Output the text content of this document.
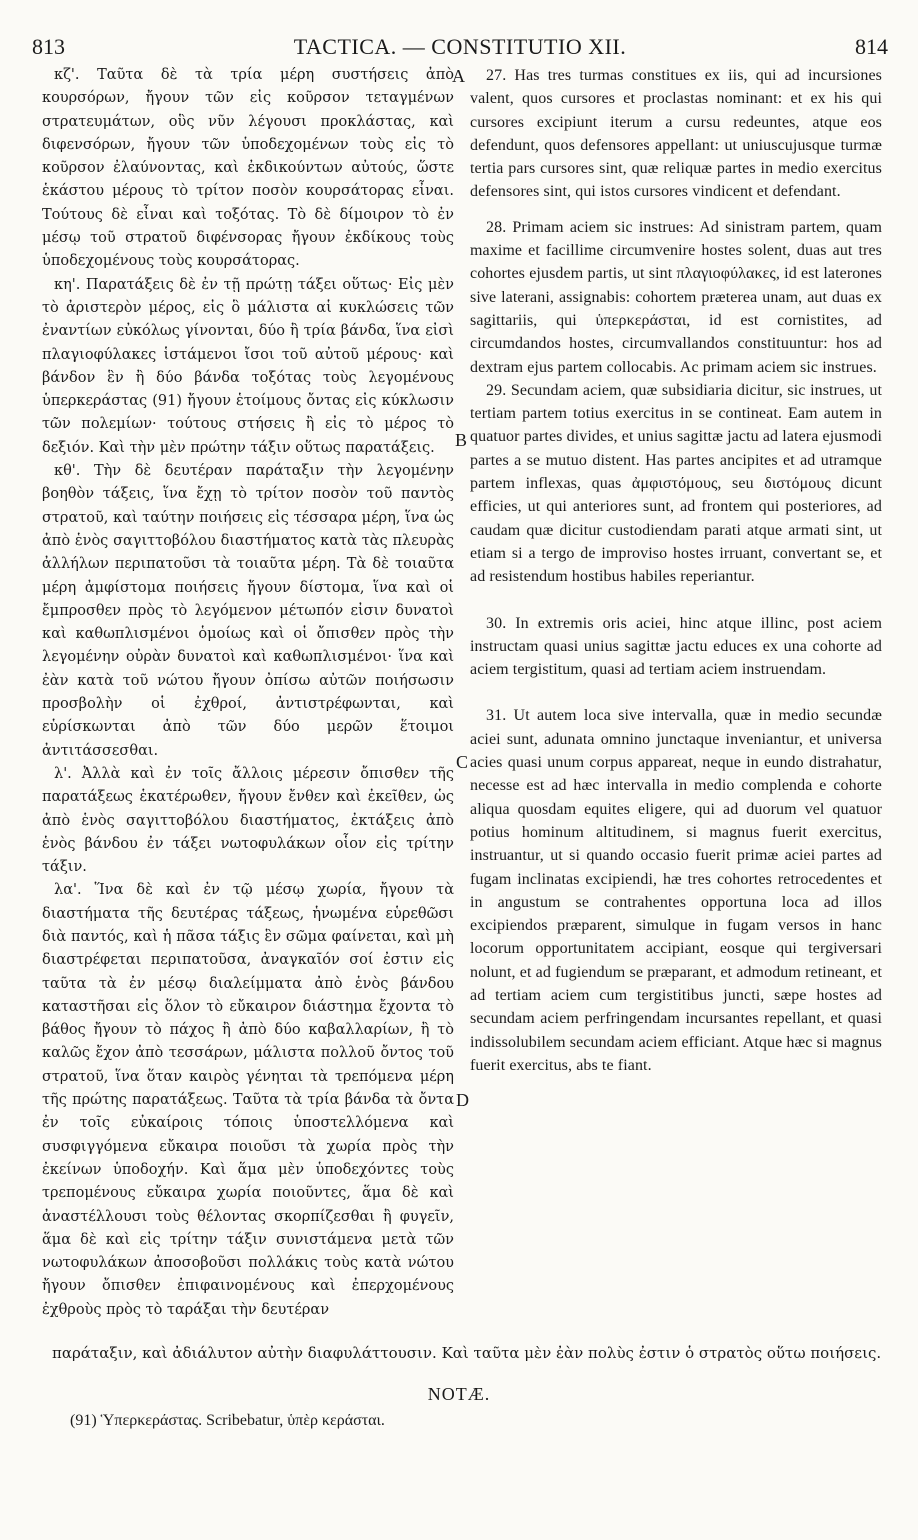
813	TACTICA. — CONSTITUTIO XII.	814

κζ'. Ταῦτα δὲ τὰ τρία μέρη συστήσεις ἀπὸ κουρσόρων, ἤγουν τῶν εἰς κοῦρσον τεταγμένων στρατευμάτων, οὓς νῦν λέγουσι προκλάστας, καὶ διφενσόρων, ἤγουν τῶν ὑποδεχομένων τοὺς εἰς τὸ κοῦρσον ἐλαύνοντας, καὶ ἐκδικούντων αὐτούς, ὥστε ἑκάστου μέρους τὸ τρίτον ποσὸν κουρσάτορας εἶναι. Τούτους δὲ εἶναι καὶ τοξότας. Τὸ δὲ δίμοιρον τὸ ἐν μέσῳ τοῦ στρατοῦ διφένσορας ἤγουν ἐκδίκους τοὺς ὑποδεχομένους τοὺς κουρσάτορας.

κη'. Παρατάξεις δὲ ἐν τῇ πρώτῃ τάξει οὕτως· Εἰς μὲν τὸ ἀριστερὸν μέρος, εἰς ὃ μάλιστα αἱ κυκλώσεις τῶν ἐναντίων εὐκόλως γίνονται, δύο ἢ τρία βάνδα, ἵνα εἰσὶ πλαγιοφύλακες ἱστάμενοι ἴσοι τοῦ αὐτοῦ μέρους· καὶ βάνδον ἓν ἢ δύο βάνδα τοξότας τοὺς λεγομένους ὑπερκεράστας (91) ἤγουν ἑτοίμους ὄντας εἰς κύκλωσιν τῶν πολεμίων· τούτους στήσεις ἢ εἰς τὸ μέρος τὸ δεξιόν. Καὶ τὴν μὲν πρώτην τάξιν οὕτως παρατάξεις.

κθ'. Τὴν δὲ δευτέραν παράταξιν τὴν λεγομένην βοηθὸν τάξεις, ἵνα ἔχῃ τὸ τρίτον ποσὸν τοῦ παντὸς στρατοῦ, καὶ ταύτην ποιήσεις εἰς τέσσαρα μέρη, ἵνα ὡς ἀπὸ ἑνὸς σαγιττοβόλου διαστήματος κατὰ τὰς πλευρὰς ἀλλήλων περιπατοῦσι τὰ τοιαῦτα μέρη. Τὰ δὲ τοιαῦτα μέρη ἀμφίστομα ποιήσεις ἤγουν δίστομα, ἵνα καὶ οἱ ἔμπροσθεν πρὸς τὸ λεγόμενον μέτωπόν εἰσιν δυνατοὶ καὶ καθωπλισμένοι ὁμοίως καὶ οἱ ὄπισθεν πρὸς τὴν λεγομένην οὐρὰν δυνατοὶ καὶ καθωπλισμένοι· ἵνα καὶ ἐὰν κατὰ τοῦ νώτου ἤγουν ὀπίσω αὐτῶν ποιήσωσιν προσβολὴν οἱ ἐχθροί, ἀντιστρέφωνται, καὶ εὑρίσκωνται ἀπὸ τῶν δύο μερῶν ἕτοιμοι ἀντιτάσσεσθαι.

λ'. Ἀλλὰ καὶ ἐν τοῖς ἄλλοις μέρεσιν ὄπισθεν τῆς παρατάξεως ἑκατέρωθεν, ἤγουν ἔνθεν καὶ ἐκεῖθεν, ὡς ἀπὸ ἑνὸς σαγιττοβόλου διαστήματος, ἐκτάξεις ἀπὸ ἑνὸς βάνδου ἐν τάξει νωτοφυλάκων οἷον εἰς τρίτην τάξιν.

λα'. Ἵνα δὲ καὶ ἐν τῷ μέσῳ χωρία, ἤγουν τὰ διαστήματα τῆς δευτέρας τάξεως, ἡνωμένα εὑρεθῶσι διὰ παντός, καὶ ἡ πᾶσα τάξις ἓν σῶμα φαίνεται, καὶ μὴ διαστρέφεται περιπατοῦσα, ἀναγκαῖόν σοί ἐστιν εἰς ταῦτα τὰ ἐν μέσῳ διαλείμματα ἀπὸ ἑνὸς βάνδου καταστῆσαι εἰς ὅλον τὸ εὔκαιρον διάστημα ἔχοντα τὸ βάθος ἤγουν τὸ πάχος ἢ ἀπὸ δύο καβαλλαρίων, ἢ τὸ καλῶς ἔχον ἀπὸ τεσσάρων, μάλιστα πολλοῦ ὄντος τοῦ στρατοῦ, ἵνα ὅταν καιρὸς γένηται τὰ τρεπόμενα μέρη τῆς πρώτης παρατάξεως. Ταῦτα τὰ τρία βάνδα τὰ ὄντα ἐν τοῖς εὐκαίροις τόποις ὑποστελλόμενα καὶ συσφιγγόμενα εὔκαιρα ποιοῦσι τὰ χωρία πρὸς τὴν ἐκείνων ὑποδοχήν. Καὶ ἅμα μὲν ὑποδεχόντες τοὺς τρεπομένους εὔκαιρα χωρία ποιοῦντες, ἅμα δὲ καὶ ἀναστέλλουσι τοὺς θέλοντας σκορπίζεσθαι ἢ φυγεῖν, ἅμα δὲ καὶ εἰς τρίτην τάξιν συνιστάμενα μετὰ τῶν νωτοφυλάκων ἀποσοβοῦσι πολλάκις τοὺς κατὰ νώτου ἤγουν ὄπισθεν ἐπιφαινομένους καὶ ἐπερχομένους ἐχθροὺς πρὸς τὸ ταράξαι τὴν δευτέραν

27. Has tres turmas constitues ex iis, qui ad incursiones valent, quos cursores et proclastas nominant: et ex his qui cursores excipiunt iterum a cursu redeuntes, atque eos defendunt, quos defensores appellant: ut uniuscujusque turmæ tertia pars cursores sint, quæ reliquæ partes in medio exercitus defensores sint, qui istos cursores vindicent et defendant.

28. Primam aciem sic instrues: Ad sinistram partem, quam maxime et facillime circumvenire hostes solent, duas aut tres cohortes ejusdem partis, ut sint πλαγιοφύλακες, id est laterones sive laterani, assignabis: cohortem præterea unam, aut duas ex sagittariis, qui ὑπερκεράσται, id est cornistites, ad circumdandos hostes, circumvallandos constituuntur: hos ad dextram ejus partem collocabis. Ac primam aciem sic instrues.

29. Secundam aciem, quæ subsidiaria dicitur, sic instrues, ut tertiam partem totius exercitus in se contineat. Eam autem in quatuor partes divides, et unius sagittæ jactu ad latera ejusmodi partes a se mutuo distent. Has partes ancipites et ad utramque partem inflexas, quas ἀμφιστόμους, seu διστόμους dicunt efficies, ut qui anteriores sunt, ad frontem qui posteriores, ad caudam quæ dicitur custodiendam parati atque armati sint, ut etiam si a tergo de improviso hostes irruant, convertant se, et ad resistendum hostibus habiles reperiantur.

30. In extremis oris aciei, hinc atque illinc, post aciem instructam quasi unius sagittæ jactu educes ex una cohorte ad aciem tergistitum, quasi ad tertiam aciem instruendam.

31. Ut autem loca sive intervalla, quæ in medio secundæ aciei sunt, adunata omnino junctaque inveniantur, et universa acies quasi unum corpus appareat, neque in eundo distrahatur, necesse est ad hæc intervalla in medio complenda e cohorte aliqua quosdam equites eligere, qui ad duorum vel quatuor potius hominum altitudinem, si magnus fuerit exercitus, instruantur, ut si quando occasio fuerit primæ aciei partes ad fugam inclinatas excipiendi, hæ tres cohortes retrocedentes et in angustum se contrahentes opportuna loca ad illos excipiendos præparent, simulque in fugam versos in hanc locorum opportunitatem accipiant, eosque qui tergiversari nolunt, et ad fugiendum se præparant, et admodum retineant, et ad tertiam aciem cum tergistitibus juncti, sæpe hostes ad secundam aciem perfringendam incursantes repellant, et quasi indissolubilem secundam aciem efficiant. Atque hæc si magnus fuerit exercitus, abs te fiant.

A
B
C
D
παράταξιν, καὶ ἀδιάλυτον αὐτὴν διαφυλάττουσιν. Καὶ ταῦτα μὲν ἐὰν πολὺς ἐστιν ὁ στρατὸς οὕτω ποιήσεις.
NOTÆ.
(91) Ὑπερκεράστας. Scribebatur, ὑπὲρ κεράσται.
